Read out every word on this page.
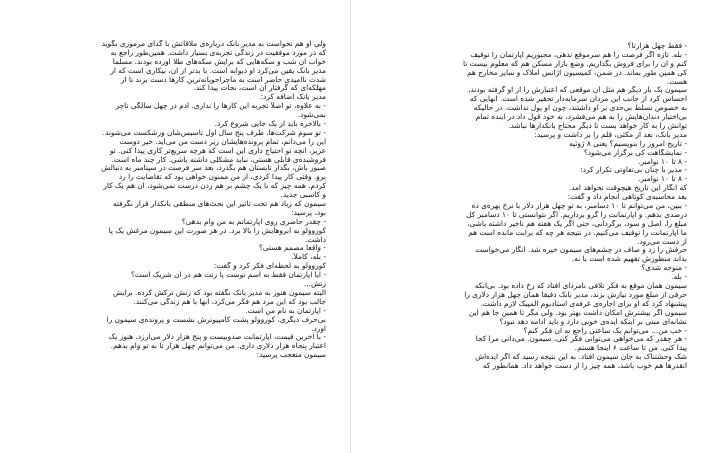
ولی او هم نخواست به مدیر بانک درباره‌ی ملاقاتش با گدای مرموزی بگوید
که در مورد موفقیت در زندگی تجربه‌ی بسیار داشت. همین‌طور راجع به
خواب آن شب و سکه‌هایی که برایش سکه‌های طلا آورده بودند. مسلماً
مدیر بانک یقین می‌کرد او دیوانه است. با بدتر از آن، بیکاری است که از
شدت ناامیدی حاضر است به ماجراجویانه‌ترین کارها دست بزند تا از
مهلکه‌ای که گرفتار آن است، نجات پیدا کند.
مدیر بانک اضافه کرد:
- به علاوه، تو اصلاً تجربه این کارها را نداری. آدم در چهل سالگی تاجر
نمی‌شود.
- بالاخره باید از یک جایی شروع کرد.
- تو سوم شرکت‌ها، طرف پنج سال اول تأسیس‌شان ورشکست می‌شوند.
این را می‌دانم، تمام پرونده‌هایشان زیر دست من می‌آید. خیر دوست
عزیز، آنچه تو احتیاج داری این است که هرچه سریع‌تر کاری پیدا کنی. تو
فروشنده‌ی قابلی هستی، نباید مشکلی داشته باشی. کار چند ماه است.
صبور باش، بگذار تابستان هم بگذرد، بعد سر فرصت در سپتامبر به دنبالش
برو. وقتی کار پیدا کردی، از من ممنون خواهی بود که تقاضایت را رد
کردم. همه چیز که با یک چشم بر هم زدن درست نمی‌شود، آن هم یک کار
و کاسبی جدید.
سیمون که زیاد هم تحت تأثیر این بحث‌های منطقی بانکدار قرار نگرفته
بود، پرسید:
- چقدر حاضری روی آپارتمانم به من وام بدهی؟
کوروولو به ابروهایش را بالا برد. در هر صورت این سیمون مرغش یک پا
داشت.
- واقعاً مصمم هستی؟
- بله، کاملاً.
کوروولو به لحظه‌ای فکر کرد و گفت:
- آیا آپارتمان فقط به اسم توست یا زنت هم در آن شریک است؟
زنش...
البته سیمون هنوز به مدیر بانک نگفته بود که زنش ترکش کرده. برایش
جالب بود که این مرد هم فکر می‌کرد، آنها با هم زندگی می‌کنند.
- آپارتمان به نام من است.
بی‌حرف دیگری، کوروولو پشت کامپیوترش نشست و پرونده‌ی سیمون را
آورد.
- با آخرین قیمت، آپارتمانت صدوبیست و پنج هزار دلار می‌ارزد. هنوز یک
اعتبار پنجاه هزار دلاری داری. من می‌توانم چهل هزار تا به تو وام بدهم.
سیمون متعجب پرسید:
- فقط چهل هزارتا؟
- بله. تازه اگر فرصت را هم سرموقع ندهی، مجبوریم آپارتمان را توقیف
کنم و آن را برای فروش بگذاریم. وضع بازار مسکن هم که معلوم نیست تا
کی همین طور بماند. در ضمن، کمیسیون آژانس املاک و سایر مخارج هم
هست.
سیمون یک بار دیگر هم مثل آن موقعی که اعتبارش را از او گرفته بودند،
احساس کرد از جانب این مردان سرمایه‌دار تحقیر شده است. آنهایی که
به خصوص تسلط بی‌حدی بر او داشتند، چون او پول نداشت. در حالیکه
بی‌اختیار دندان‌هایش را به هم می‌فشرد، به خود قول داد در آینده تمام
توانش را به کار خواهد بست تا دیگر محتاج بانکدارها نباشد.
مدیر بانک، بعد از مکثی، قلم را بر داشت و پرسید:
- تاریخ امروز را بنویسیم؟ یعنی ۸ ژوئیه
- نمایشگاهت کی برگزار می‌شود؟
- ۸ تا ۱۰ نوامبر.
- مدیر با چنان بی‌تفاوتی تکرار کرد:
- ۸ تا ۱۰ نوامبر.
که انگار این تاریخ هیچوقت نخواهد آمد.
بعد محاسبه‌ی کوتاهی انجام داد و گفت:
- ببین، من می‌توانم تا ۱۰ دسامبر، به تو چهل هزار دلار با نرخ بهره‌ی ده
درصدی بدهم. و آپارتمانت را گرو برداریم. اگر نتوانستی تا ۱۰ دسامبر کل
مبلغ را، اصل و سود، برگردانی، حتی اگر یک هفته هم تأخیر داشته باشی،
ما آپارتمانت را توقیف می‌کنیم. در نتیجه هر چه که برایت مانده است هم
از دست می‌رود.
حرفش را زد و صاف در چشم‌های سیمون خیره شد. انگار می‌خواست
بداند منظورش تفهیم شده است یا نه.
- متوجه شدی؟
- بله.
سیمون همان موقع به فکر تلافی نامردای افتاد که رخ داده بود. بی‌آنکه
حرفی از مبلغ مورد نیازش بزند، مدیر بانک دقیقاً همان چهل هزار دلاری را
پیشنهاد کرد که او برای اجاره‌ی غرفه‌ی استادیوم المپیک لازم داشت.
سیمون اگر بیشترش امکان داشت بهتر بود. ولی مگر تا همین جا هم این
نشانه‌ای مبنی بر اینکه ایده‌ی خوبی دارد و باید ادامه دهد نبود؟
- خب من... می‌توانم یک ساعتی راجع به آن فکر کنم؟
- هر چقدر که می‌خواهی می‌توانی فکر کنی، سیمون. می‌دانی مرا کجا
پیدا کنی. من تا ساعت ۶ اینجا هستم.
شک وحشتناک به جان سیمون افتاد. به این نتیجه رسید که اگر ایده‌اش
آنقدرها هم خوب باشد، همه چیز را از دست خواهد داد. همانطور که
